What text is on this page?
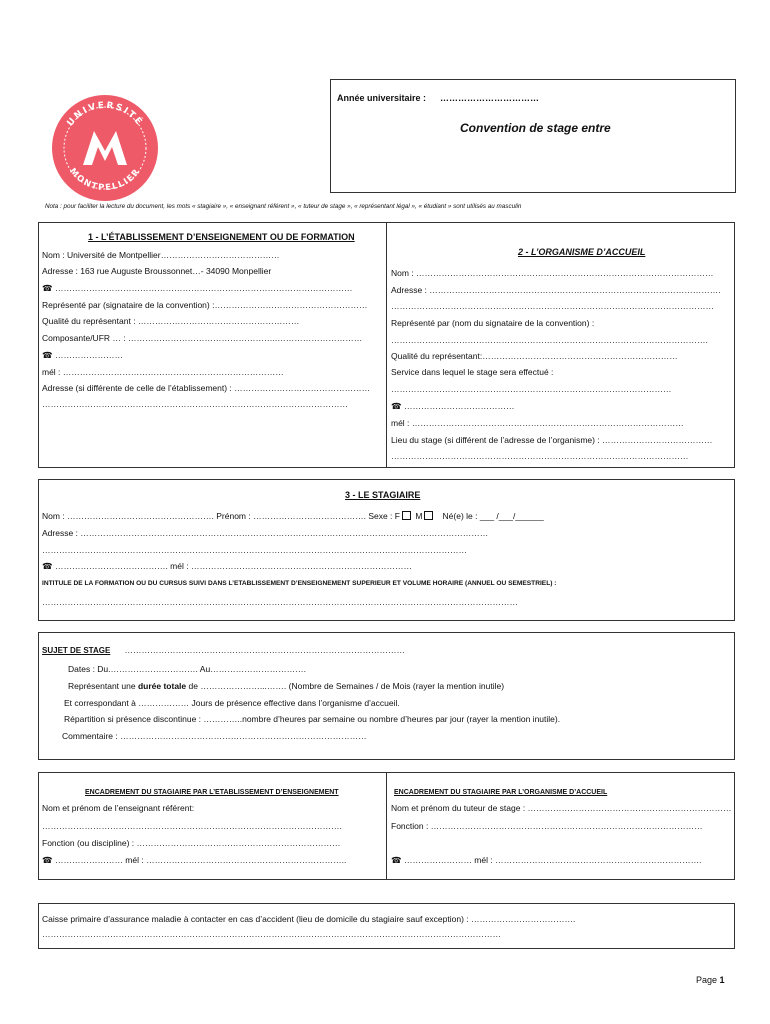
UNIVERSITÉ
MONTPELLIER
Année universitaire : ……………………………
Convention de stage entre
Nota : pour faciliter la lecture du document, les mots « stagiaire », « enseignant référent », « tuteur de stage », « représentant légal », « étudiant » sont utilisés au masculin
1 - L’ÉTABLISSEMENT D’ENSEIGNEMENT OU DE FORMATION
Nom : Université de Montpellier……………………………………
Adresse : 163 rue Auguste Broussonnet…- 34090 Monpellier
☎ ……………………………………………………………………………………………
Représenté par (signataire de la convention) :………………………………………………
Qualité du représentant : …………………………………………………
Composante/UFR … : ……………………………………………..…………………………
☎ ……………………
mél : ……………………………………………………………………
Adresse (si différente de celle de l’établissement) : …………………………………………
………………………………………………………………………………………………
2 - L’ORGANISME D’ACCUEIL
Nom : ……………………………………………………………………………………………
Adresse : ………………………………………………………………………………………….
……………………………………………………………………………………………………
Représenté par (nom du signataire de la convention) :
………………………………………………………………………………………………….
Qualité du représentant:……………………………………………………………
Service dans lequel le stage sera effectué :
………………………………………………………………………………………
☎ …………………………………
mél : ……………………………………………………………………………………
Lieu du stage (si différent de l’adresse de l’organisme) : …………………………………
……………………………………………………………………………………………
3 - LE STAGIAIRE
Nom : ……………………………………………. Prénom : …………………………………. Sexe : F M Né(e) le : ___ /___/______
Adresse : ………………………………………………………………………………………………………………………………
……………………………………………………………………………………………………………………………………
☎ …………………………………. mél : ……………………………………………………………………
INTITULE DE LA FORMATION OU DU CURSUS SUIVI DANS L’ETABLISSEMENT D’ENSEIGNEMENT SUPERIEUR ET VOLUME HORAIRE (ANNUEL OU SEMESTRIEL) :
……………………………………………………………………………………………………………………………………………………
SUJET DE STAGE ………………………………………………………………………………………
Dates : Du.…………………………. Au…………………………….
Représentant une durée totale de …………………...……. (Nombre de Semaines / de Mois (rayer la mention inutile)
Et correspondant à ……………… Jours de présence effective dans l’organisme d’accueil.
Répartition si présence discontinue : …………..nombre d’heures par semaine ou nombre d’heures par jour (rayer la mention inutile).
Commentaire : ……………………………………………………………………………
ENCADREMENT DU STAGIAIRE PAR L’ETABLISSEMENT D’ENSEIGNEMENT
Nom et prénom de l’enseignant référent:
…………………………………………………………………………………………….
Fonction (ou discipline) : ………………………………………………………………
☎ …………………… mél : ……………………………………………………………..
ENCADREMENT DU STAGIAIRE PAR L’ORGANISME D’ACCUEIL
Nom et prénom du tuteur de stage : ………………………………………………………………
Fonction : ……………………………………………………………………………………
☎ …………………… mél : ……………………………………………………………….
Caisse primaire d’assurance maladie à contacter en cas d’accident (lieu de domicile du stagiaire sauf exception) : ……………………………….
………………………………………………………………………………………………………………………………………………
Page 1
